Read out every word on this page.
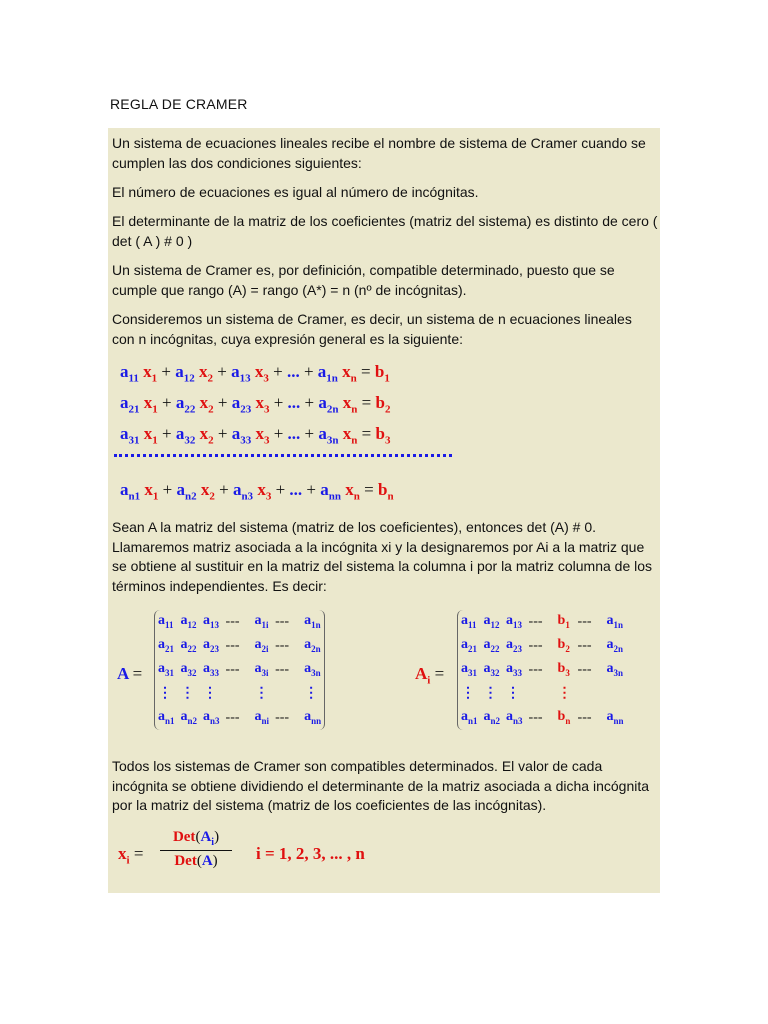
REGLA DE CRAMER

Un sistema de ecuaciones lineales recibe el nombre de sistema de Cramer cuando se cumplen las dos condiciones siguientes:

El número de ecuaciones es igual al número de incógnitas.

El determinante de la matriz de los coeficientes (matriz del sistema) es distinto de cero ( det ( A ) # 0 )

Un sistema de Cramer es, por definición, compatible determinado, puesto que se cumple que rango (A) = rango (A*) = n (nº de incógnitas).

Consideremos un sistema de Cramer, es decir, un sistema de n ecuaciones lineales con n incógnitas, cuya expresión general es la siguiente:

$a_{11}$ $x_1 + a_{12}$ $x_2 + a_{13}$ $x_3$ + ... + $a_{1n}$ $x_n = b_1$
$a_{21}$ $x_1 + a_{22}$ $x_2 + a_{23}$ $x_3$ + ... + $a_{2n}$ $x_n = b_2$
$a_{31}$ $x_1 + a_{32}$ $x_2 + a_{33}$ $x_3$ + ... + $a_{3n}$ $x_n = b_3$
$a_{n1}$ $x_1 + a_{n2}$ $x_2 + a_{n3}$ $x_3$ + ... + $a_{nn}$ $x_n = b_n$

Sean A la matriz del sistema (matriz de los coeficientes), entonces det (A) # 0. Llamaremos matriz asociada a la incógnita xi y la designaremos por Ai a la matriz que se obtiene al sustituir en la matriz del sistema la columna i por la matriz columna de los términos independientes. Es decir:

A =
$a_{11}$	$a_{12}$	$a_{13}$	---	$a_{1i}$	---	$a_{1n}$
$a_{21}$	$a_{22}$	$a_{23}$	---	$a_{2i}$	---	$a_{2n}$
$a_{31}$	$a_{32}$	$a_{33}$	---	$a_{3i}$	---	$a_{3n}$
⋮	⋮	⋮		⋮		⋮
$a_{n1}$	$a_{n2}$	$a_{n3}$	---	$a_{ni}$	---	$a_{nn}$
$A_i$ =
$a_{11}$	$a_{12}$	$a_{13}$	---	$b_1$	---	$a_{1n}$
$a_{21}$	$a_{22}$	$a_{23}$	---	$b_2$	---	$a_{2n}$
$a_{31}$	$a_{32}$	$a_{33}$	---	$b_3$	---	$a_{3n}$
⋮	⋮	⋮		⋮		
$a_{n1}$	$a_{n2}$	$a_{n3}$	---	$b_n$	---	$a_{nn}$

Todos los sistemas de Cramer son compatibles determinados. El valor de cada incógnita se obtiene dividiendo el determinante de la matriz asociada a dicha incógnita por la matriz del sistema (matriz de los coeficientes de las incógnitas).

$x_i$ =
$Det(A_i)$
Det(A)	i = 1, 2, 3, ... , n
